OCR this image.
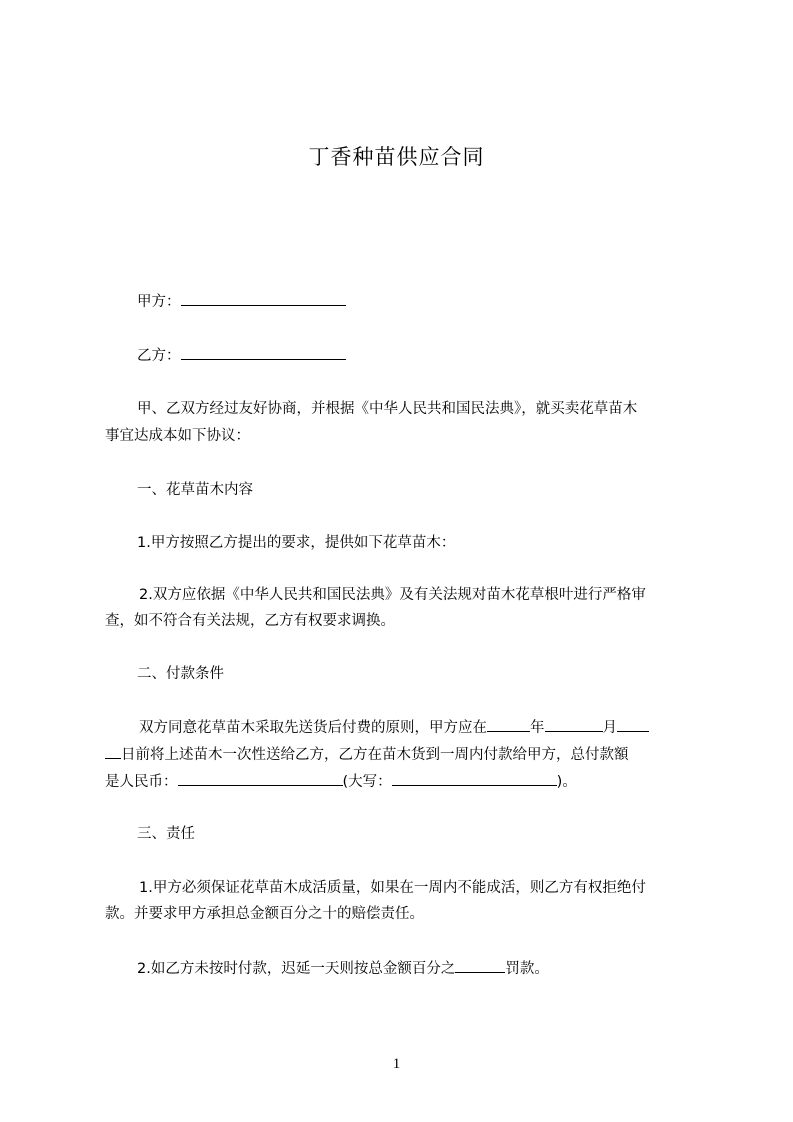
丁香种苗供应合同
甲方：
乙方：
甲、乙双方经过友好协商，并根据《中华人民共和国民法典》，就买卖花草苗木
事宜达成本如下协议：
一、花草苗木内容
1.甲方按照乙方提出的要求，提供如下花草苗木：
2.双方应依据《中华人民共和国民法典》及有关法规对苗木花草根叶进行严格审
查，如不符合有关法规，乙方有权要求调换。
二、付款条件
双方同意花草苗木采取先送货后付费的原则，甲方应在	年	月
日前将上述苗木一次性送给乙方，乙方在苗木货到一周内付款给甲方，总付款額
是人民币：	(大写：	)。
三、责任
1.甲方必须保证花草苗木成活质量，如果在一周内不能成活，则乙方有权拒绝付
款。并要求甲方承担总金额百分之十的赔偿责任。
2.如乙方未按时付款，迟延一天则按总金额百分之	罚款。
1
